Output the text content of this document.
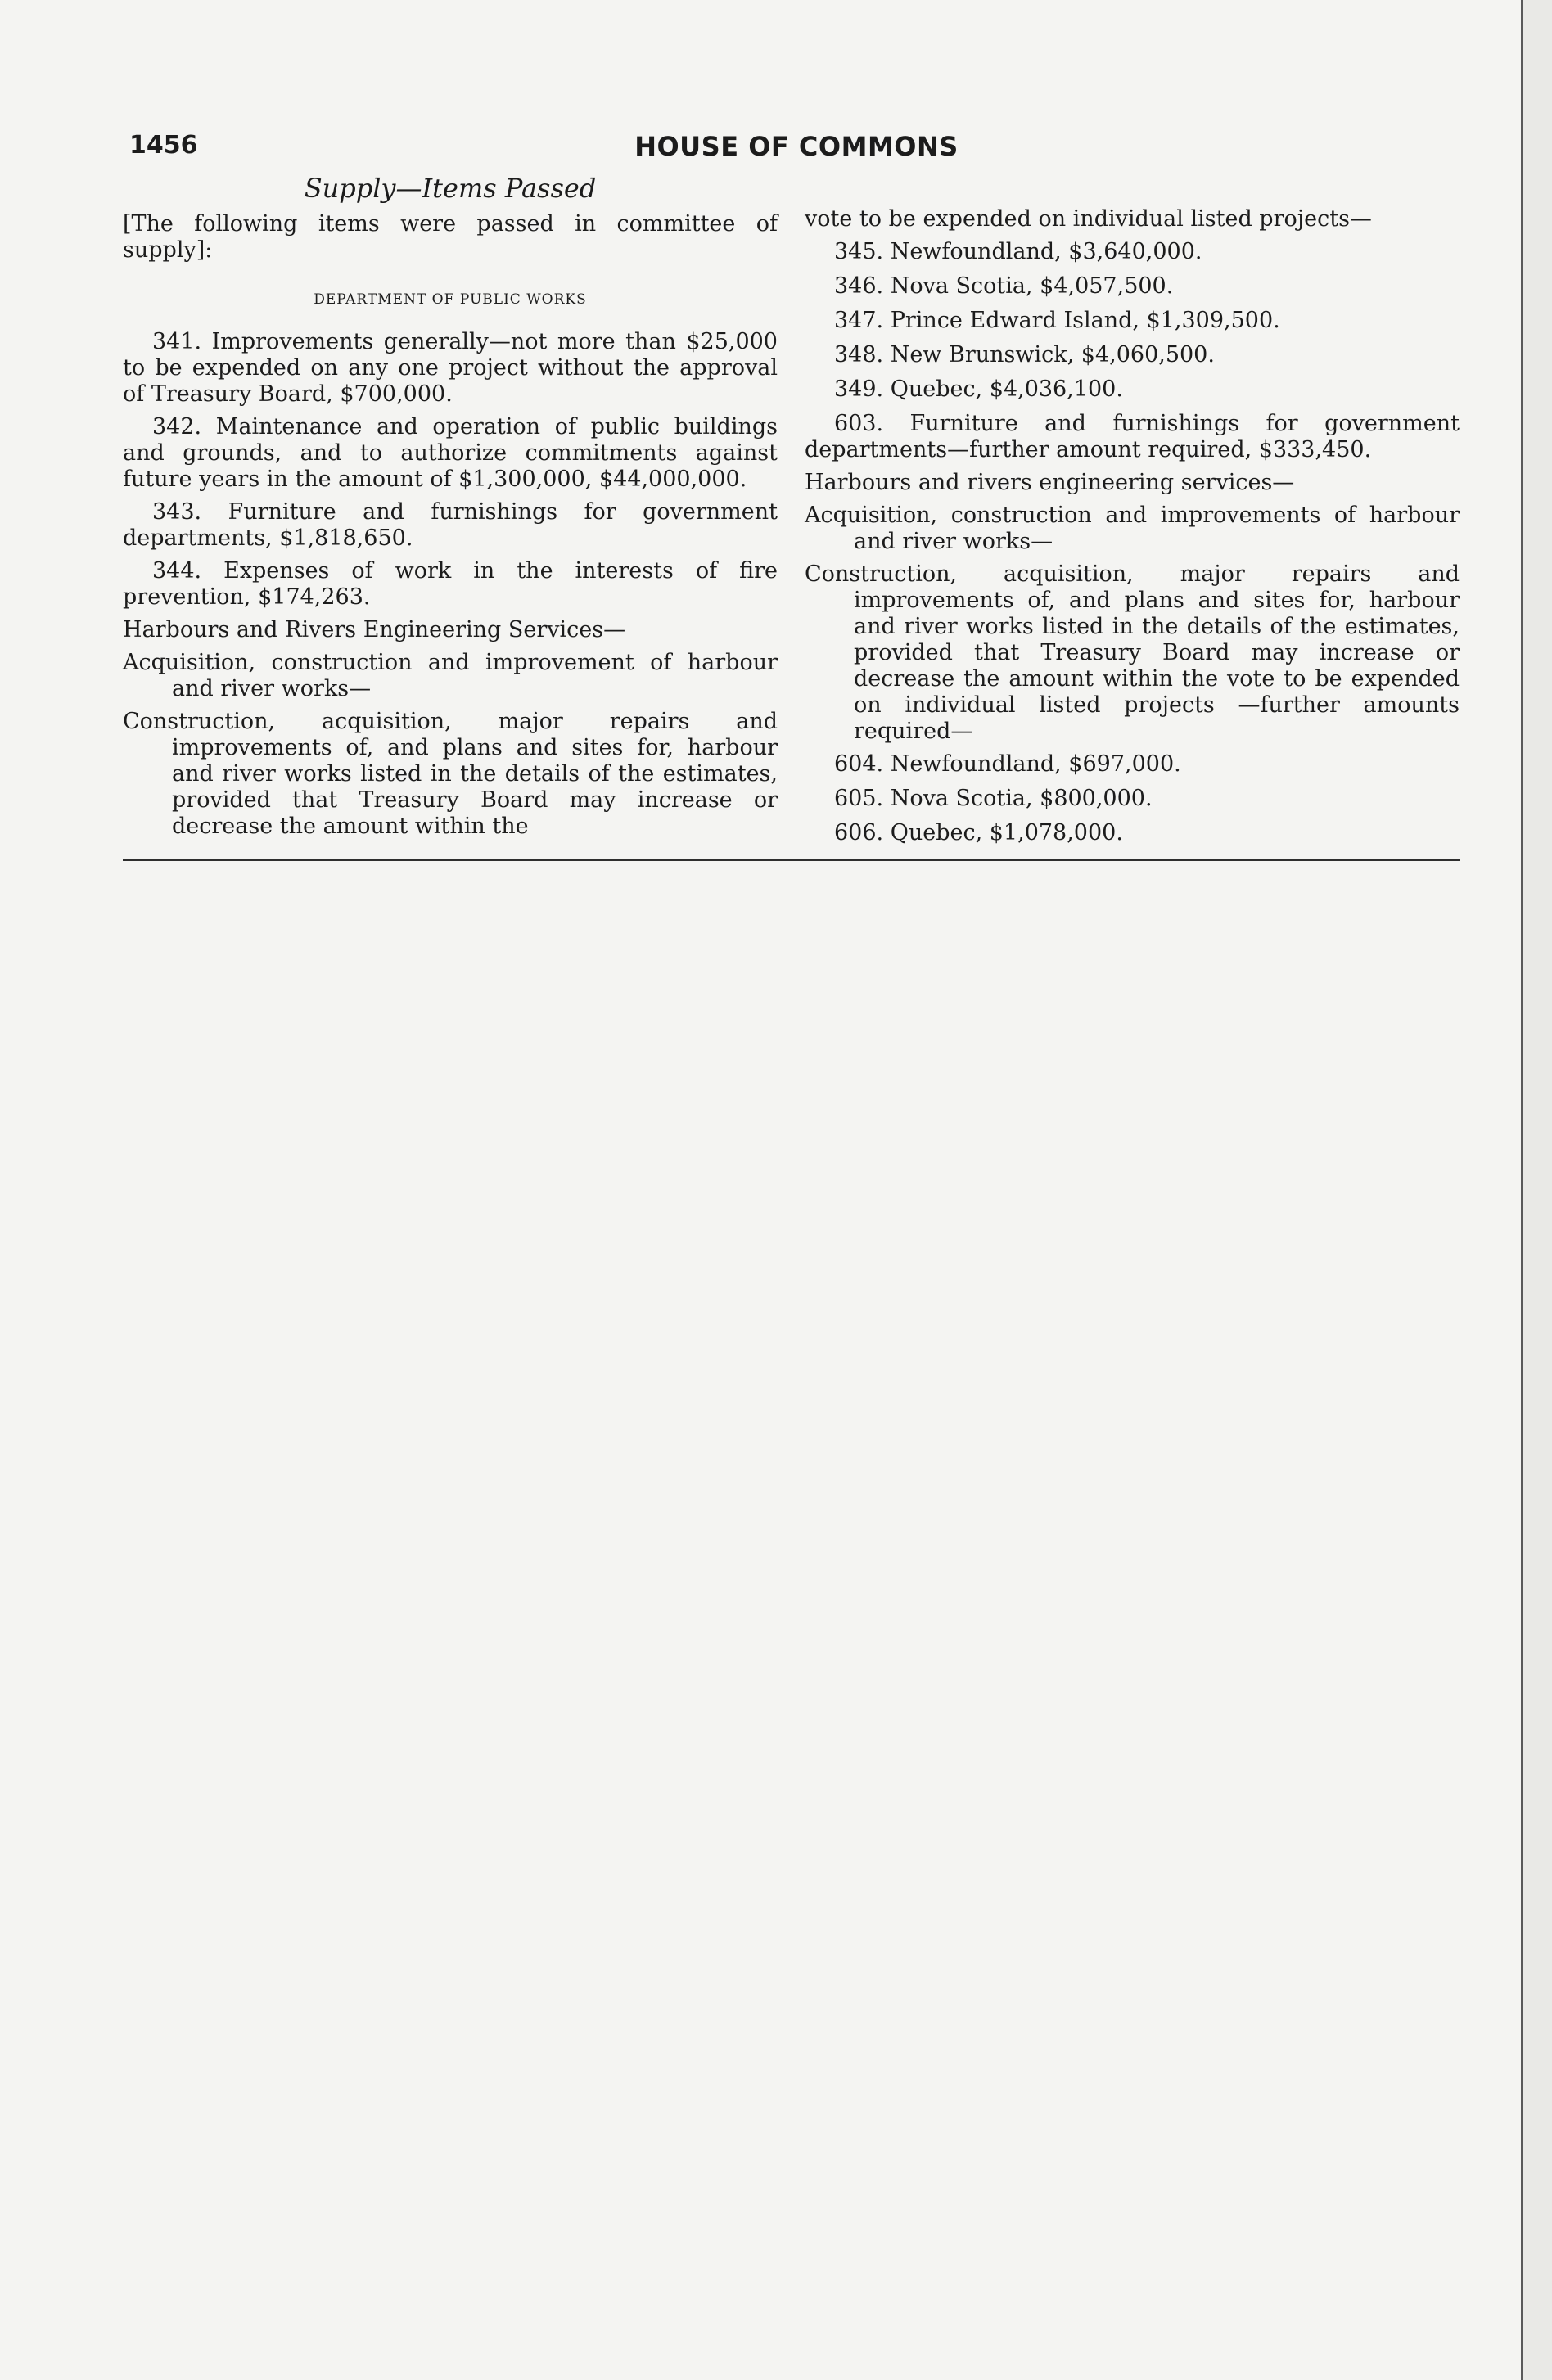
1456	HOUSE OF COMMONS
Supply—Items Passed

[The following items were passed in committee of supply]:

DEPARTMENT OF PUBLIC WORKS

341. Improvements generally—not more than $25,000 to be expended on any one project without the approval of Treasury Board, $700,000.

342. Maintenance and operation of public buildings and grounds, and to authorize commitments against future years in the amount of $1,300,000, $44,000,000.

343. Furniture and furnishings for government departments, $1,818,650.

344. Expenses of work in the interests of fire prevention, $174,263.

Harbours and Rivers Engineering Services—

Acquisition, construction and improvement of harbour and river works—

Construction, acquisition, major repairs and improvements of, and plans and sites for, harbour and river works listed in the details of the estimates, provided that Treasury Board may increase or decrease the amount within the

vote to be expended on individual listed projects—

345. Newfoundland, $3,640,000.

346. Nova Scotia, $4,057,500.

347. Prince Edward Island, $1,309,500.

348. New Brunswick, $4,060,500.

349. Quebec, $4,036,100.

603. Furniture and furnishings for government departments—further amount required, $333,450.

Harbours and rivers engineering services—

Acquisition, construction and improvements of harbour and river works—

Construction, acquisition, major repairs and improvements of, and plans and sites for, harbour and river works listed in the details of the estimates, provided that Treasury Board may increase or decrease the amount within the vote to be expended on individual listed projects —further amounts required—

604. Newfoundland, $697,000.

605. Nova Scotia, $800,000.

606. Quebec, $1,078,000.
